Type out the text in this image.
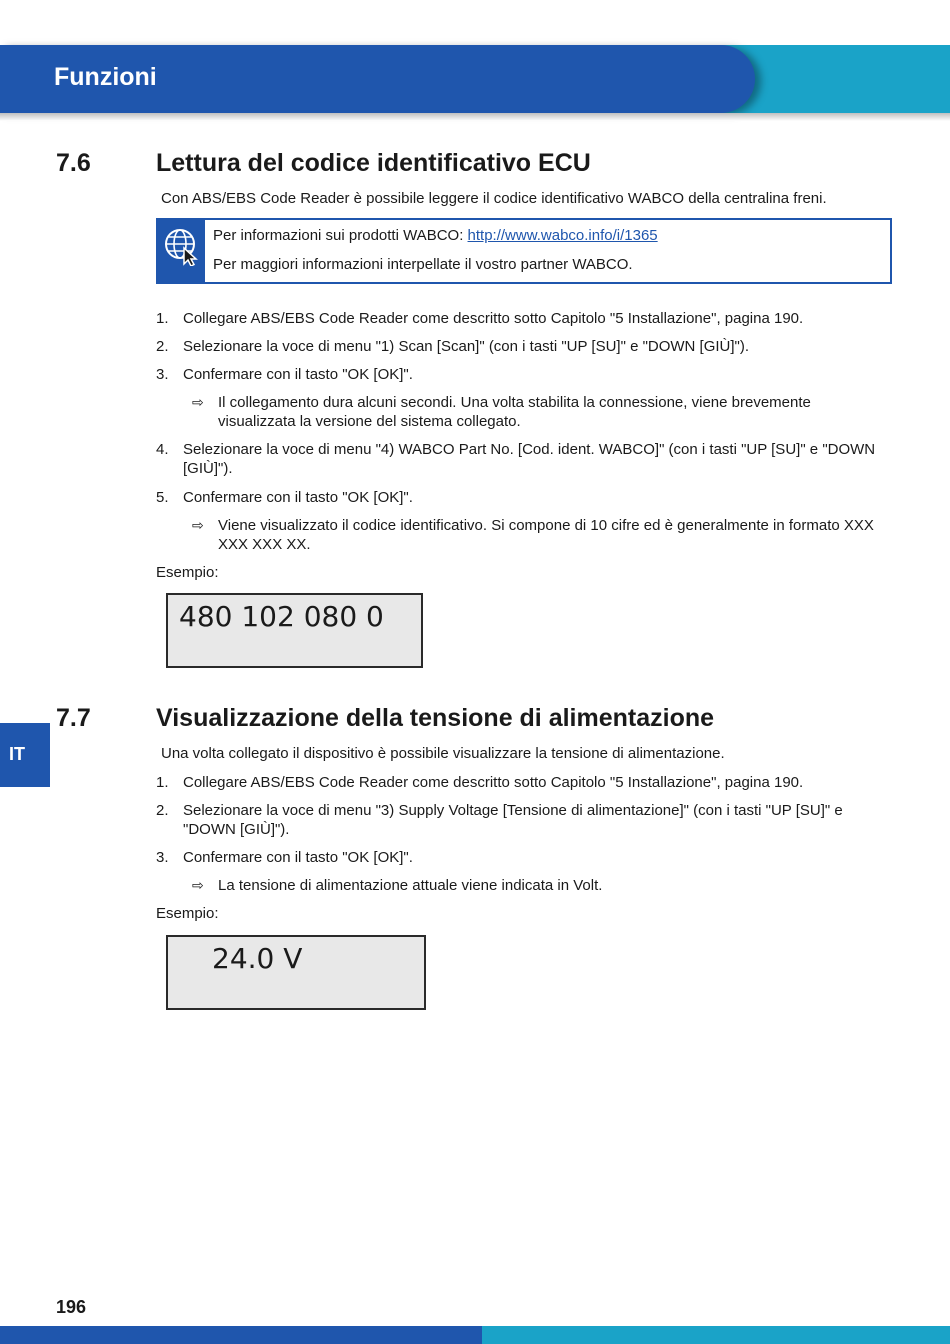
Funzioni
7.6	Lettura del codice identificativo ECU
Con ABS/EBS Code Reader è possibile leggere il codice identificativo WABCO della centralina freni.
Per informazioni sui prodotti WABCO: http://www.wabco.info/i/1365
Per maggiori informazioni interpellate il vostro partner WABCO.
1. Collegare ABS/EBS Code Reader come descritto sotto Capitolo "5 Installazione", pagina 190.
2. Selezionare la voce di menu "1) Scan [Scan]" (con i tasti "UP [SU]" e "DOWN [GIÙ]").
3. Confermare con il tasto "OK [OK]".
⇨ Il collegamento dura alcuni secondi. Una volta stabilita la connessione, viene brevemente visualizzata la versione del sistema collegato.
4. Selezionare la voce di menu "4) WABCO Part No. [Cod. ident. WABCO]" (con i tasti "UP [SU]" e "DOWN [GIÙ]").
5. Confermare con il tasto "OK [OK]".
⇨ Viene visualizzato il codice identificativo. Si compone di 10 cifre ed è generalmente in formato XXX XXX XXX XX.
Esempio:
480 102 080 0
IT
7.7	Visualizzazione della tensione di alimentazione
Una volta collegato il dispositivo è possibile visualizzare la tensione di alimentazione.
1. Collegare ABS/EBS Code Reader come descritto sotto Capitolo "5 Installazione", pagina 190.
2. Selezionare la voce di menu "3) Supply Voltage [Tensione di alimentazione]" (con i tasti "UP [SU]" e "DOWN [GIÙ]").
3. Confermare con il tasto "OK [OK]".
⇨ La tensione di alimentazione attuale viene indicata in Volt.
Esempio:
24.0 V
196
